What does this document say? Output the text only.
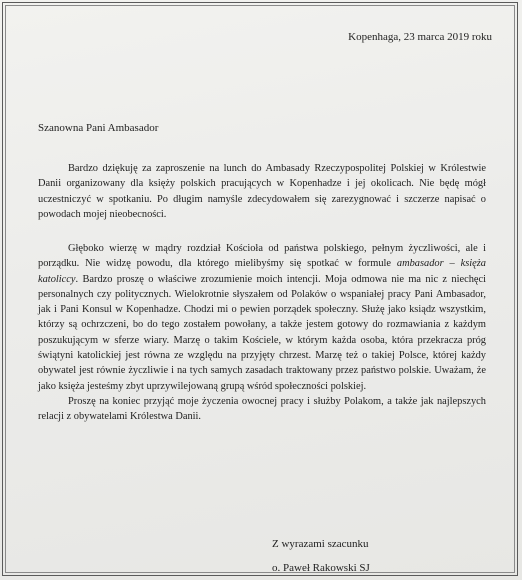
Kopenhaga, 23 marca 2019 roku
Szanowna Pani Ambasador

Bardzo dziękuję za zaproszenie na lunch do Ambasady Rzeczypospolitej Polskiej w Królestwie Danii organizowany dla księży polskich pracujących w Kopenhadze i jej okolicach. Nie będę mógł uczestniczyć w spotkaniu. Po długim namyśle zdecydowałem się zarezygnować i szczerze napisać o powodach mojej nieobecności.

Głęboko wierzę w mądry rozdział Kościoła od państwa polskiego, pełnym życzliwości, ale i porządku. Nie widzę powodu, dla którego mielibyśmy się spotkać w formule ambasador – księża katoliccy. Bardzo proszę o właściwe zrozumienie moich intencji. Moja odmowa nie ma nic z niechęci personalnych czy politycznych. Wielokrotnie słyszałem od Polaków o wspaniałej pracy Pani Ambasador, jak i Pani Konsul w Kopenhadze. Chodzi mi o pewien porządek społeczny. Służę jako ksiądz wszystkim, którzy są ochrzczeni, bo do tego zostałem powołany, a także jestem gotowy do rozmawiania z każdym poszukującym w sferze wiary. Marzę o takim Kościele, w którym każda osoba, która przekracza próg świątyni katolickiej jest równa ze względu na przyjęty chrzest. Marzę też o takiej Polsce, której każdy obywatel jest równie życzliwie i na tych samych zasadach traktowany przez państwo polskie. Uważam, że jako księża jesteśmy zbyt uprzywilejowaną grupą wśród społeczności polskiej.

Proszę na koniec przyjąć moje życzenia owocnej pracy i służby Polakom, a także jak najlepszych relacji z obywatelami Królestwa Danii.

Z wyrazami szacunku
o. Paweł Rakowski SJ
